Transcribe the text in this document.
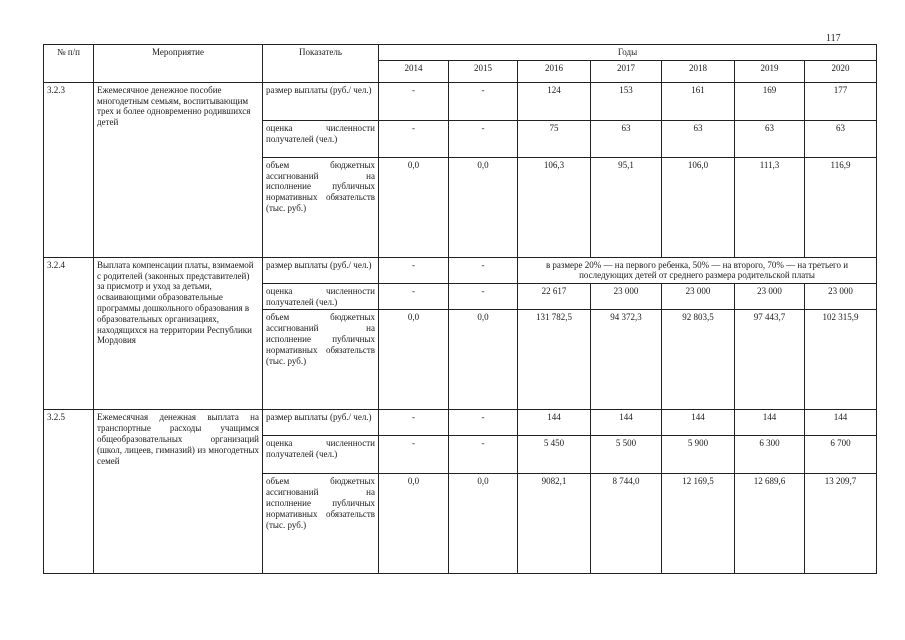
117
№ п/п	Мероприятие	Показатель	Годы						
			2014	2015	2016	2017	2018	2019	2020
3.2.3	Ежемесячное денежное пособие многодетным семьям, воспитывающим трех и более одновременно родившихся детей	размер выплаты (руб./ чел.)	-	-	124	153	161	169	177
		оценка численности получателей (чел.)	-	-	75	63	63	63	63
		объем бюджетных ассигнований на исполнение публичных нормативных обязательств (тыс. руб.)	0,0	0,0	106,3	95,1	106,0	111,3	116,9
3.2.4	Выплата компенсации платы, взимаемой с родителей (законных представителей) за присмотр и уход за детьми, осваивающими образовательные программы дошкольного образования в образовательных организациях, находящихся на территории Республики Мордовия	размер выплаты (руб./ чел.)	-	-	в размере 20% — на первого ребенка, 50% — на второго, 70% — на третьего и последующих детей от среднего размера родительской платы				
		оценка численности получателей (чел.)	-	-	22 617	23 000	23 000	23 000	23 000
		объем бюджетных ассигнований на исполнение публичных нормативных обязательств (тыс. руб.)	0,0	0,0	131 782,5	94 372,3	92 803,5	97 443,7	102 315,9
3.2.5	Ежемесячная денежная выплата на транспортные расходы учащимся общеобразовательных организаций (школ, лицеев, гимназий) из многодетных семей	размер выплаты (руб./ чел.)	-	-	144	144	144	144	144
		оценка численности получателей (чел.)	-	-	5 450	5 500	5 900	6 300	6 700
		объем бюджетных ассигнований на исполнение публичных нормативных обязательств (тыс. руб.)	0,0	0,0	9082,1	8 744,0	12 169,5	12 689,6	13 209,7
